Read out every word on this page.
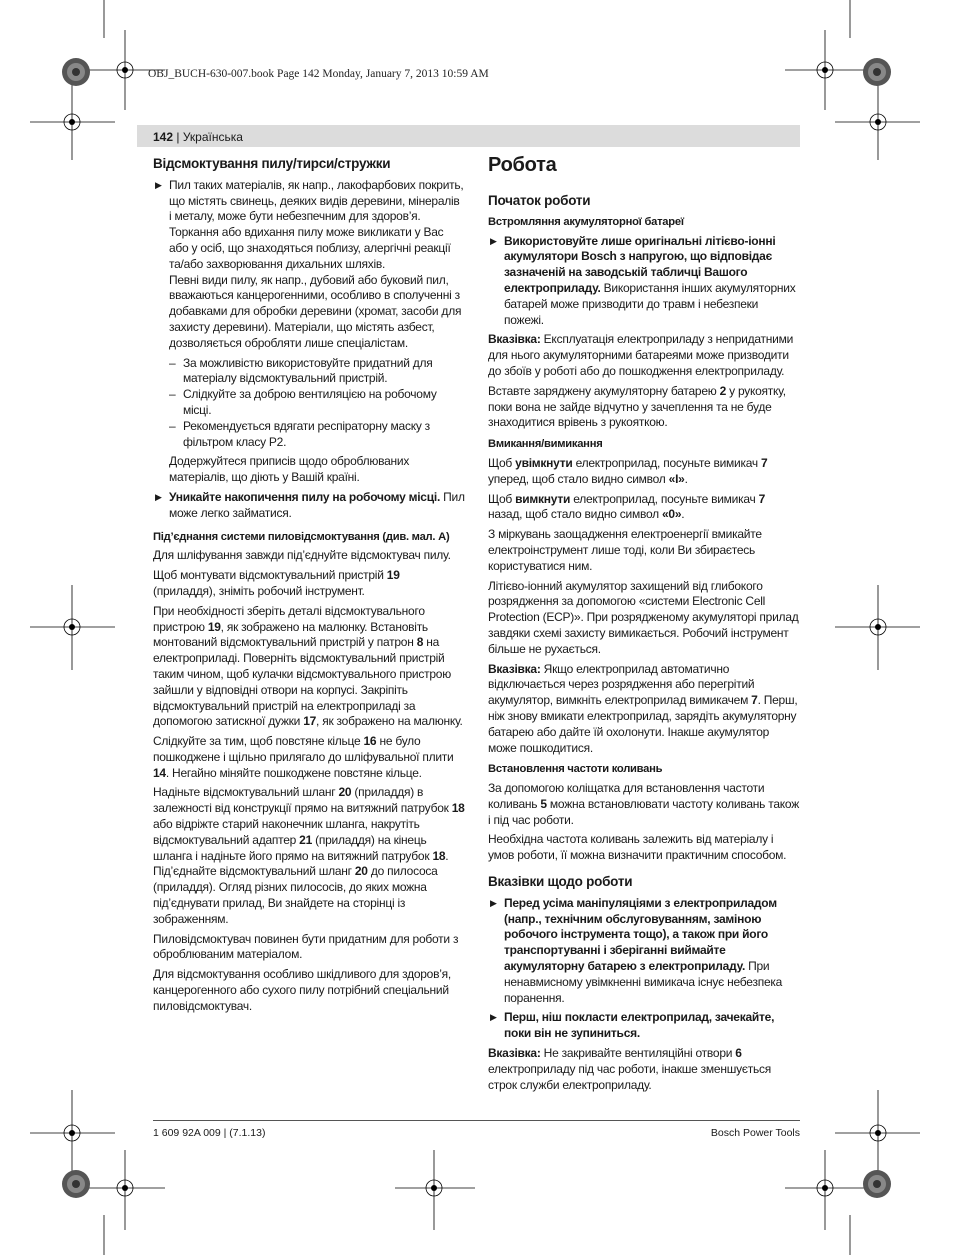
OBJ_BUCH-630-007.book Page 142 Monday, January 7, 2013 10:59 AM
142 | Українська
Відсмоктування пилу/тирси/стружки
▶ Пил таких матеріалів, як напр., лакофарбових покрить, що містять свинець, деяких видів деревини, мінералів і металу, може бути небезпечним для здоров’я.
Торкання або вдихання пилу може викликати у Вас або у осіб, що знаходяться поблизу, алергічні реакції та/або захворювання дихальних шляхів.
Певні види пилу, як напр., дубовий або буковий пил, вважаються канцерогенними, особливо в сполученні з добавками для обробки деревини (хромат, засоби для захисту деревини). Матеріали, що містять азбест, дозволяється обробляти лише спеціалістам.
– За можливістю використовуйте придатний для матеріалу відсмоктувальний пристрій.
– Слідкуйте за доброю вентиляцією на робочому місці.
– Рекомендується вдягати респіраторну маску з фільтром класу Р2.
Додержуйтеся приписів щодо оброблюваних матеріалів, що діють у Вашій країні.
▶ Уникайте накопичення пилу на робочому місці. Пил може легко займатися.
Під’єднання системи пиловідсмоктування (див. мал. А)

Для шліфування завжди під’єднуйте відсмоктувач пилу.

Щоб монтувати відсмоктувальний пристрій 19 (приладдя), зніміть робочий інструмент.

При необхідності зберіть деталі відсмоктувального пристрою 19, як зображено на малюнку. Встановіть монтований відсмоктувальний пристрій у патрон 8 на електроприладі. Поверніть відсмоктувальний пристрій таким чином, щоб кулачки відсмоктувального пристрою зайшли у відповідні отвори на корпусі. Закріпіть відсмоктувальний пристрій на електроприладі за допомогою затискної дужки 17, як зображено на малюнку.

Слідкуйте за тим, щоб повстяне кільце 16 не було пошкоджене і щільно прилягало до шліфувальної плити 14. Негайно міняйте пошкоджене повстяне кільце.

Надіньте відсмоктувальний шланг 20 (приладдя) в залежності від конструкції прямо на витяжний патрубок 18 або відріжте старий наконечник шланга, накрутіть відсмоктувальний адаптер 21 (приладдя) на кінець шланга і надіньте його прямо на витяжний патрубок 18. Під’єднайте відсмоктувальний шланг 20 до пилососа (приладдя). Огляд різних пилососів, до яких можна під’єднувати прилад, Ви знайдете на сторінці із зображенням.

Пиловідсмоктувач повинен бути придатним для роботи з оброблюваним матеріалом.

Для відсмоктування особливо шкідливого для здоров’я, канцерогенного або сухого пилу потрібний спеціальний пиловідсмоктувач.

Робота
Початок роботи
Встромляння акумуляторної батареї
▶ Використовуйте лише оригінальні літієво-іонні акумулятори Bosch з напругою, що відповідає зазначеній на заводській табличці Вашого електроприладу. Використання інших акумуляторних батарей може призводити до травм і небезпеки пожежі.

Вказівка: Експлуатація електроприладу з непридатними для нього акумуляторними батареями може призводити до збоїв у роботі або до пошкодження електроприладу.

Вставте заряджену акумуляторну батарею 2 у рукоятку, поки вона не зайде відчутно у зачеплення та не буде знаходитися врівень з рукояткою.

Вмикання/вимикання

Щоб увімкнути електроприлад, посуньте вимикач 7 уперед, щоб стало видно символ «I».

Щоб вимкнути електроприлад, посуньте вимикач 7 назад, щоб стало видно символ «0».

З міркувань заощадження електроенергії вмикайте електроінструмент лише тоді, коли Ви збираєтесь користуватися ним.

Літієво-іонний акумулятор захищений від глибокого розрядження за допомогою «системи Electronic Cell Protection (ECP)». При розрядженому акумуляторі прилад завдяки схемі захисту вимикається. Робочий інструмент більше не рухається.

Вказівка: Якщо електроприлад автоматично відключається через розрядження або перегрітий акумулятор, вимкніть електроприлад вимикачем 7. Перш, ніж знову вмикати електроприлад, зарядіть акумуляторну батарею або дайте їй охолонути. Інакше акумулятор може пошкодитися.

Встановлення частоти коливань

За допомогою коліщатка для встановлення частоти коливань 5 можна встановлювати частоту коливань також і під час роботи.

Необхідна частота коливань залежить від матеріалу і умов роботи, її можна визначити практичним способом.

Вказівки щодо роботи
▶ Перед усіма маніпуляціями з електроприладом (напр., технічним обслуговуванням, заміною робочого інструмента тощо), а також при його транспортуванні і зберіганні виймайте акумуляторну батарею з електроприладу. При ненавмисному увімкненні вимикача існує небезпека поранення.
▶ Перш, ніш покласти електроприлад, зачекайте, поки він не зупиниться.

Вказівка: Не закривайте вентиляційні отвори 6 електроприладу під час роботи, інакше зменшується строк служби електроприладу.

1 609 92A 009 | (7.1.13)	Bosch Power Tools
